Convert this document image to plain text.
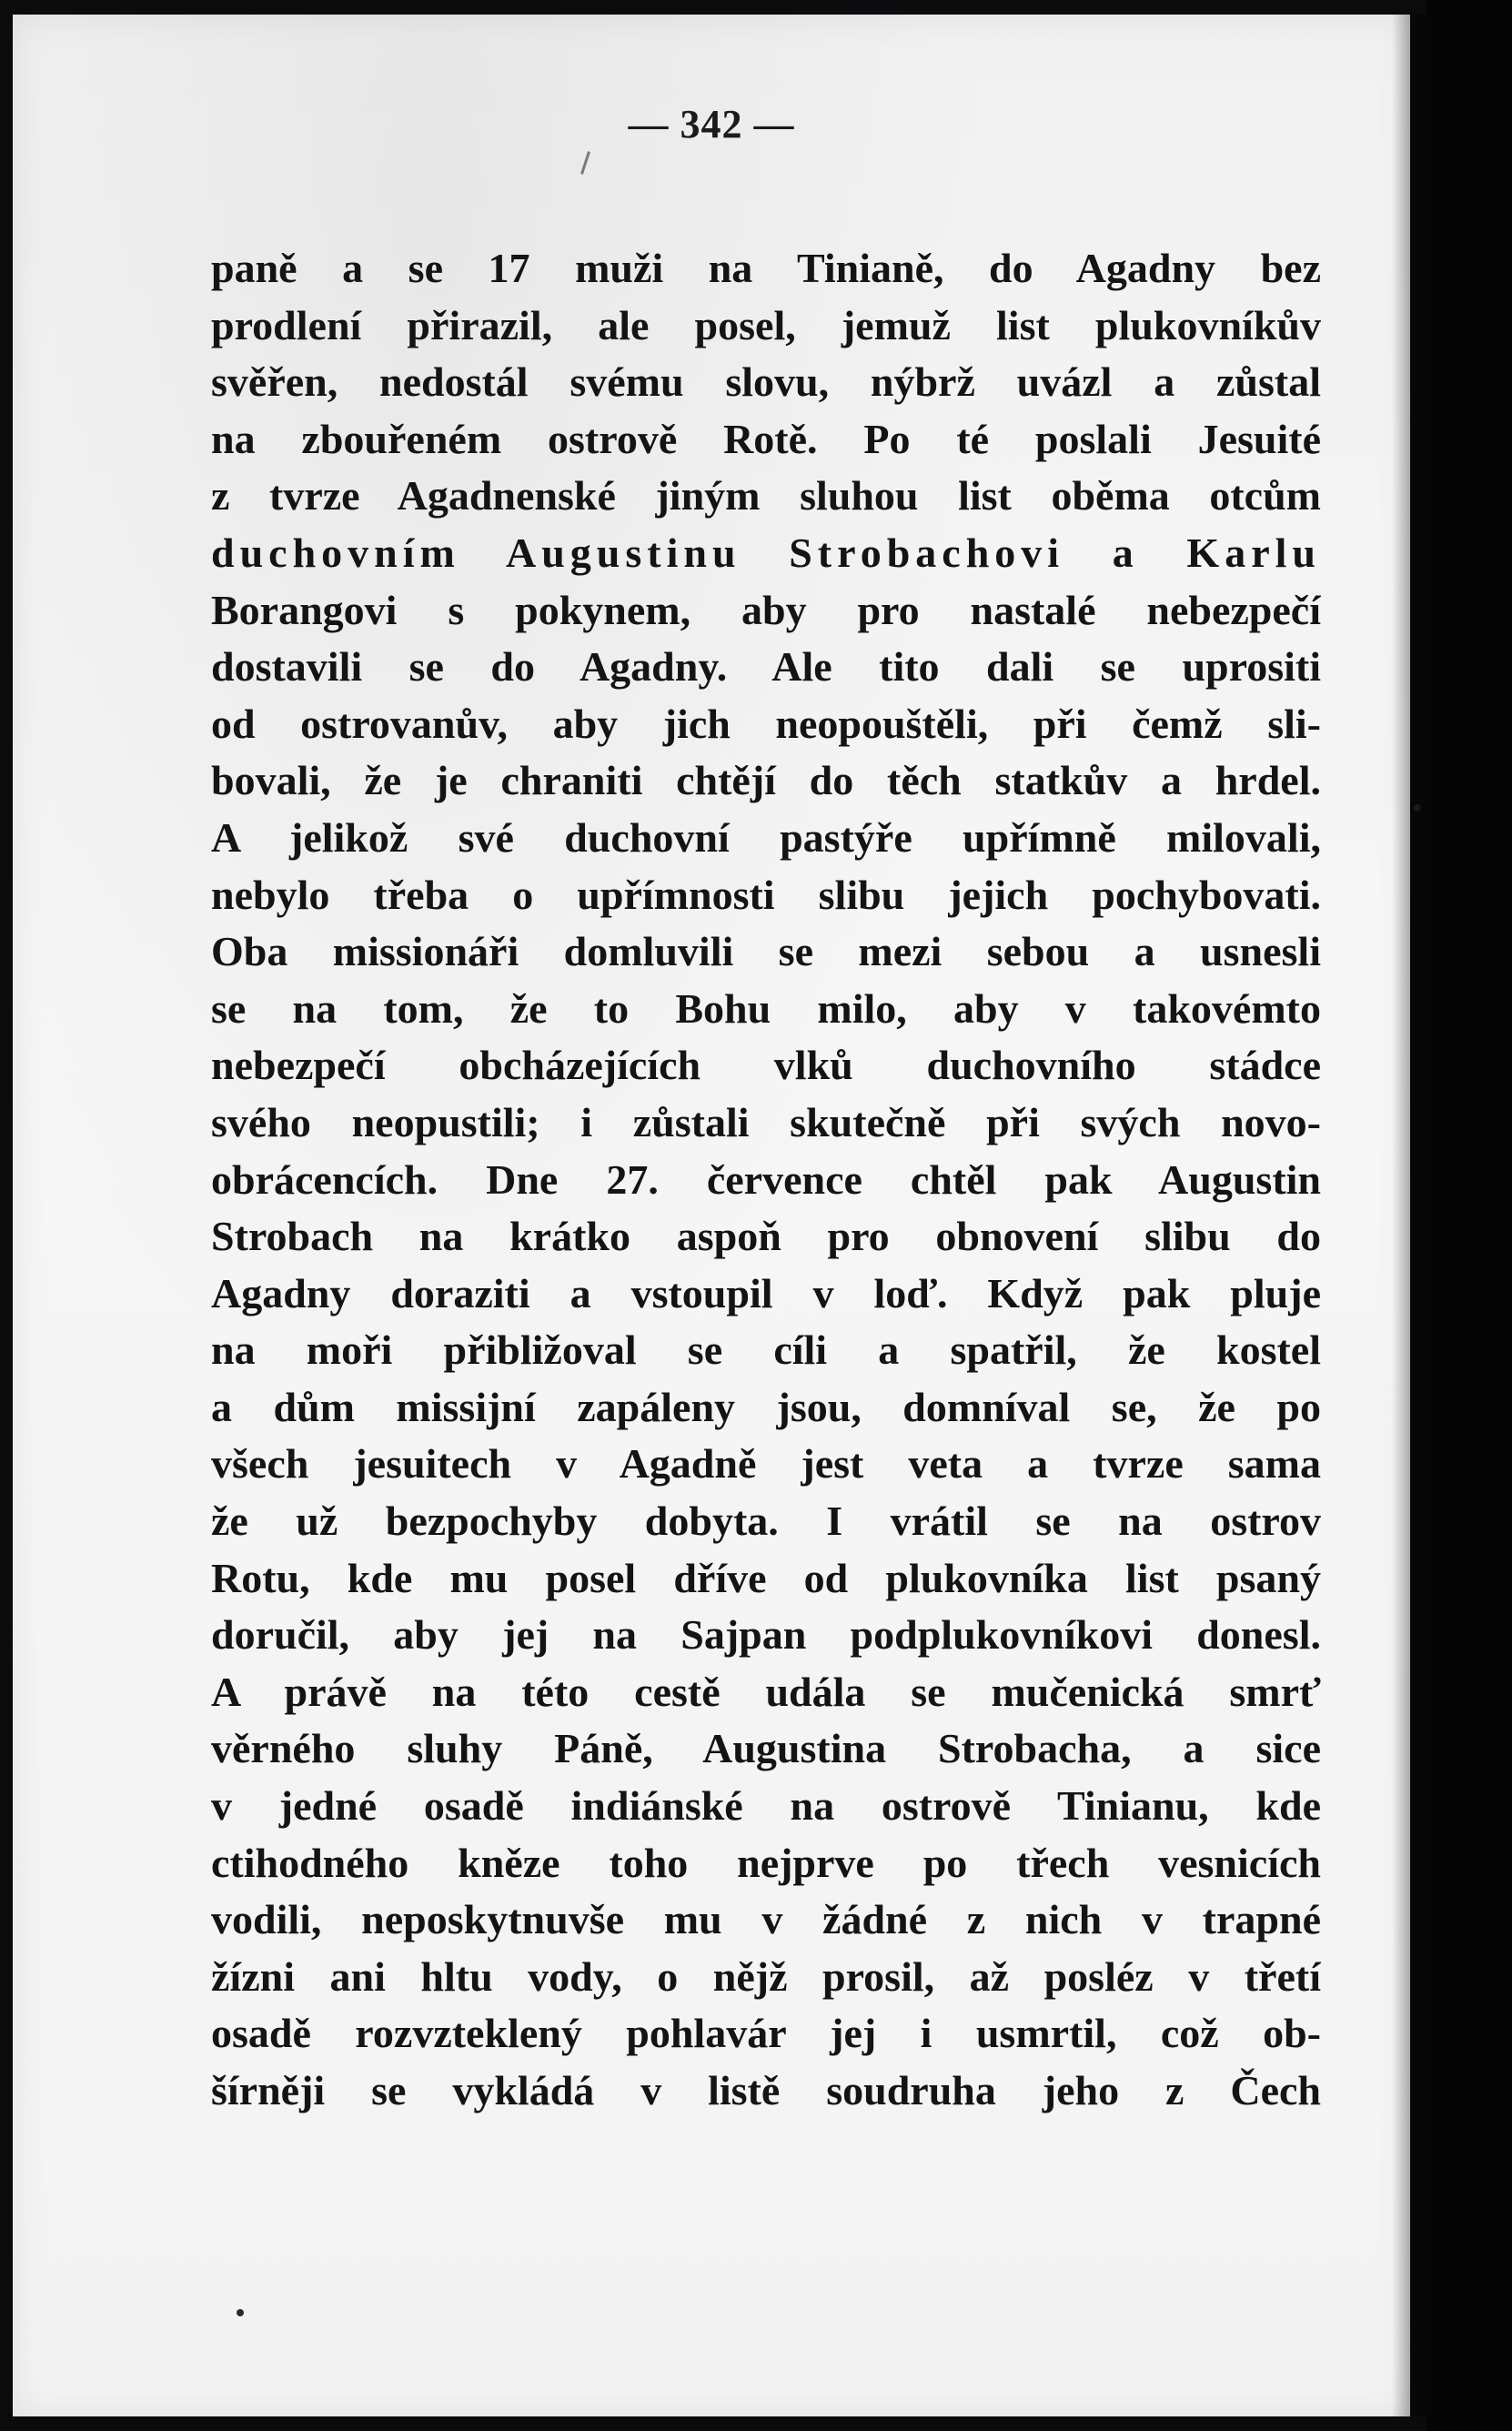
— 342 —
paně a se 17 muži na Tinianě, do Agadny bez
prodlení přirazil, ale posel, jemuž list plukovníkův
svěřen, nedostál svému slovu, nýbrž uvázl a zůstal
na zbouřeném ostrově Rotě. Po té poslali Jesuité
z tvrze Agadnenské jiným sluhou list oběma otcům
duchovním Augustinu Strobachovi a Karlu
Borangovi s pokynem, aby pro nastalé nebezpečí
dostavili se do Agadny. Ale tito dali se uprositi
od ostrovanův, aby jich neopouštěli, při čemž sli-
bovali, že je chraniti chtějí do těch statkův a hrdel.
A jelikož své duchovní pastýře upřímně milovali,
nebylo třeba o upřímnosti slibu jejich pochybovati.
Oba missionáři domluvili se mezi sebou a usnesli
se na tom, že to Bohu milo, aby v takovémto
nebezpečí obcházejících vlků duchovního stádce
svého neopustili; i zůstali skutečně při svých novo-
obrácencích. Dne 27. července chtěl pak Augustin
Strobach na krátko aspoň pro obnovení slibu do
Agadny doraziti a vstoupil v loď. Když pak pluje
na moři přibližoval se cíli a spatřil, že kostel
a dům missijní zapáleny jsou, domníval se, že po
všech jesuitech v Agadně jest veta a tvrze sama
že už bezpochyby dobyta. I vrátil se na ostrov
Rotu, kde mu posel dříve od plukovníka list psaný
doručil, aby jej na Sajpan podplukovníkovi donesl.
A právě na této cestě udála se mučenická smrť
věrného sluhy Páně, Augustina Strobacha, a sice
v jedné osadě indiánské na ostrově Tinianu, kde
ctihodného kněze toho nejprve po třech vesnicích
vodili, neposkytnuvše mu v žádné z nich v trapné
žízni ani hltu vody, o nějž prosil, až posléz v třetí
osadě rozvzteklený pohlavár jej i usmrtil, což ob-
šírněji se vykládá v listě soudruha jeho z Čech
